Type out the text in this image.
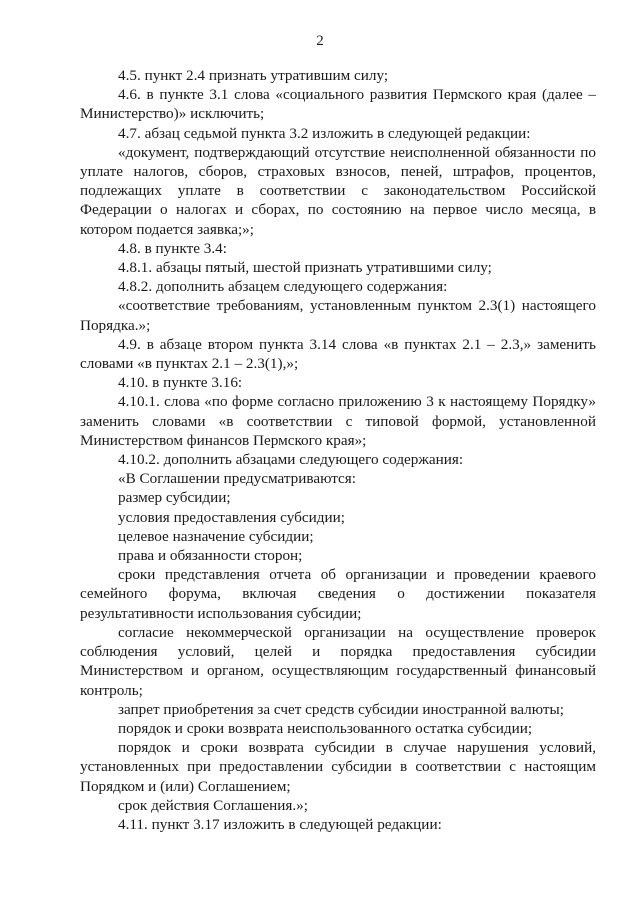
2

4.5. пункт 2.4 признать утратившим силу;

4.6. в пункте 3.1 слова «социального развития Пермского края (далее – Министерство)» исключить;

4.7. абзац седьмой пункта 3.2 изложить в следующей редакции:

«документ, подтверждающий отсутствие неисполненной обязанности по уплате налогов, сборов, страховых взносов, пеней, штрафов, процентов, подлежащих уплате в соответствии с законодательством Российской Федерации о налогах и сборах, по состоянию на первое число месяца, в котором подается заявка;»;

4.8. в пункте 3.4:

4.8.1. абзацы пятый, шестой признать утратившими силу;

4.8.2. дополнить абзацем следующего содержания:

«соответствие требованиям, установленным пунктом 2.3(1) настоящего Порядка.»;

4.9. в абзаце втором пункта 3.14 слова «в пунктах 2.1 – 2.3,» заменить словами «в пунктах 2.1 – 2.3(1),»;

4.10. в пункте 3.16:

4.10.1. слова «по форме согласно приложению 3 к настоящему Порядку» заменить словами «в соответствии с типовой формой, установленной Министерством финансов Пермского края»;

4.10.2. дополнить абзацами следующего содержания:

«В Соглашении предусматриваются:

размер субсидии;

условия предоставления субсидии;

целевое назначение субсидии;

права и обязанности сторон;

сроки представления отчета об организации и проведении краевого семейного форума, включая сведения о достижении показателя результативности использования субсидии;

согласие некоммерческой организации на осуществление проверок соблюдения условий, целей и порядка предоставления субсидии Министерством и органом, осуществляющим государственный финансовый контроль;

запрет приобретения за счет средств субсидии иностранной валюты;

порядок и сроки возврата неиспользованного остатка субсидии;

порядок и сроки возврата субсидии в случае нарушения условий, установленных при предоставлении субсидии в соответствии с настоящим Порядком и (или) Соглашением;

срок действия Соглашения.»;

4.11. пункт 3.17 изложить в следующей редакции:
